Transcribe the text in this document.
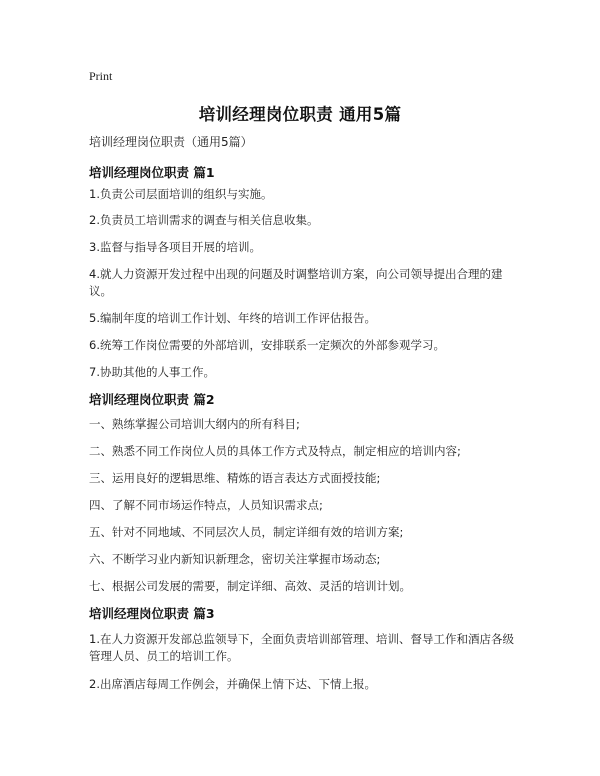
Print
培训经理岗位职责 通用5篇
培训经理岗位职责（通用5篇）
培训经理岗位职责 篇1
1.负责公司层面培训的组织与实施。
2.负责员工培训需求的调查与相关信息收集。
3.监督与指导各项目开展的培训。
4.就人力资源开发过程中出现的问题及时调整培训方案，向公司领导提出合理的建议。
5.编制年度的培训工作计划、年终的培训工作评估报告。
6.统筹工作岗位需要的外部培训，安排联系一定频次的外部参观学习。
7.协助其他的人事工作。
培训经理岗位职责 篇2
一、熟练掌握公司培训大纲内的所有科目;
二、熟悉不同工作岗位人员的具体工作方式及特点，制定相应的培训内容;
三、运用良好的逻辑思维、精炼的语言表达方式面授技能;
四、了解不同市场运作特点，人员知识需求点;
五、针对不同地域、不同层次人员，制定详细有效的培训方案;
六、不断学习业内新知识新理念，密切关注掌握市场动态;
七、根据公司发展的需要，制定详细、高效、灵活的培训计划。
培训经理岗位职责 篇3
1.在人力资源开发部总监领导下，全面负责培训部管理、培训、督导工作和酒店各级管理人员、员工的培训工作。
2.出席酒店每周工作例会，并确保上情下达、下情上报。
